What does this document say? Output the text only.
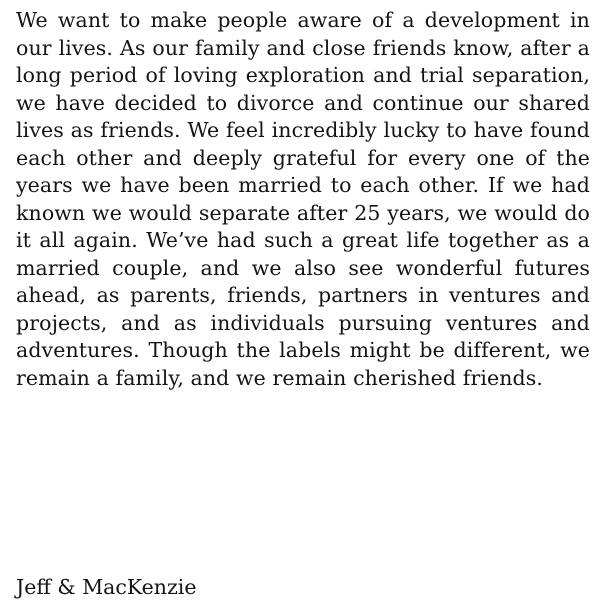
We want to make people aware of a development in our lives. As our family and close friends know, after a long period of loving exploration and trial separation, we have decided to divorce and continue our shared lives as friends. We feel incredibly lucky to have found each other and deeply grateful for every one of the years we have been married to each other. If we had known we would separate after 25 years, we would do it all again. We’ve had such a great life together as a married couple, and we also see wonderful futures ahead, as parents, friends, partners in ventures and projects, and as individuals pursuing ventures and adventures. Though the labels might be different, we remain a family, and we remain cherished friends.

Jeff & MacKenzie
